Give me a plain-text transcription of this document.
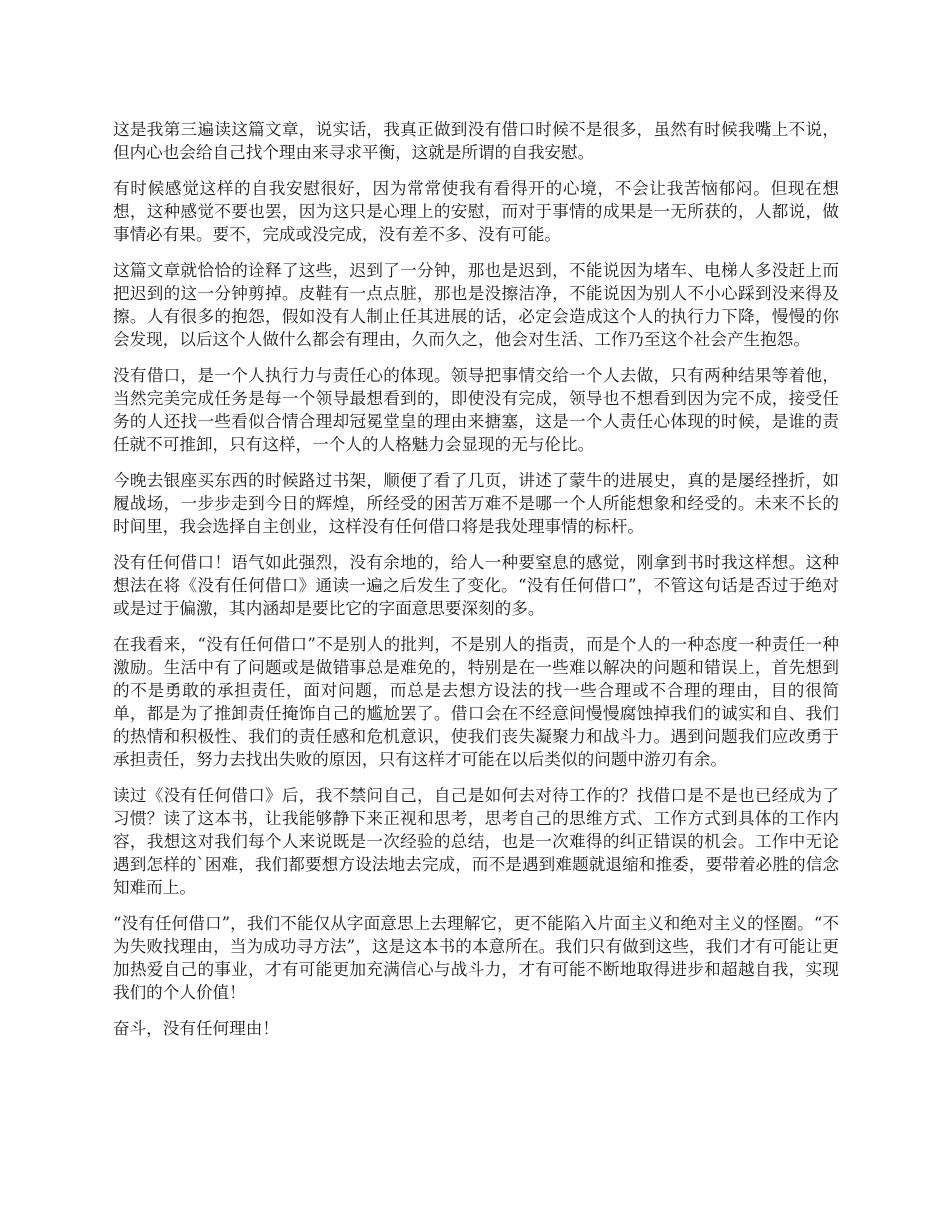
这是我第三遍读这篇文章，说实话，我真正做到没有借口时候不是很多，虽然有时候我嘴上不说，但内心也会给自己找个理由来寻求平衡，这就是所谓的自我安慰。

有时候感觉这样的自我安慰很好，因为常常使我有看得开的心境，不会让我苦恼郁闷。但现在想想，这种感觉不要也罢，因为这只是心理上的安慰，而对于事情的成果是一无所获的，人都说，做事情必有果。要不，完成或没完成，没有差不多、没有可能。

这篇文章就恰恰的诠释了这些，迟到了一分钟，那也是迟到，不能说因为堵车、电梯人多没赶上而把迟到的这一分钟剪掉。皮鞋有一点点脏，那也是没擦洁净，不能说因为别人不小心踩到没来得及擦。人有很多的抱怨，假如没有人制止任其进展的话，必定会造成这个人的执行力下降，慢慢的你会发现，以后这个人做什么都会有理由，久而久之，他会对生活、工作乃至这个社会产生抱怨。

没有借口，是一个人执行力与责任心的体现。领导把事情交给一个人去做，只有两种结果等着他，当然完美完成任务是每一个领导最想看到的，即使没有完成，领导也不想看到因为完不成，接受任务的人还找一些看似合情合理却冠冕堂皇的理由来搪塞，这是一个人责任心体现的时候，是谁的责任就不可推卸，只有这样，一个人的人格魅力会显现的无与伦比。

今晚去银座买东西的时候路过书架，顺便了看了几页，讲述了蒙牛的进展史，真的是屡经挫折，如履战场，一步步走到今日的辉煌，所经受的困苦万难不是哪一个人所能想象和经受的。未来不长的时间里，我会选择自主创业，这样没有任何借口将是我处理事情的标杆。

没有任何借口！语气如此强烈，没有余地的，给人一种要窒息的感觉，刚拿到书时我这样想。这种想法在将《没有任何借口》通读一遍之后发生了变化。“没有任何借口”，不管这句话是否过于绝对或是过于偏激，其内涵却是要比它的字面意思要深刻的多。

在我看来，“没有任何借口”不是别人的批判，不是别人的指责，而是个人的一种态度一种责任一种激励。生活中有了问题或是做错事总是难免的，特别是在一些难以解决的问题和错误上，首先想到的不是勇敢的承担责任，面对问题，而总是去想方设法的找一些合理或不合理的理由，目的很简单，都是为了推卸责任掩饰自己的尴尬罢了。借口会在不经意间慢慢腐蚀掉我们的诚实和自、我们的热情和积极性、我们的责任感和危机意识，使我们丧失凝聚力和战斗力。遇到问题我们应改勇于承担责任，努力去找出失败的原因，只有这样才可能在以后类似的问题中游刃有余。

读过《没有任何借口》后，我不禁问自己，自己是如何去对待工作的？找借口是不是也已经成为了习惯？读了这本书，让我能够静下来正视和思考，思考自己的思维方式、工作方式到具体的工作内容，我想这对我们每个人来说既是一次经验的总结，也是一次难得的纠正错误的机会。工作中无论遇到怎样的`困难，我们都要想方设法地去完成，而不是遇到难题就退缩和推委，要带着必胜的信念知难而上。

“没有任何借口”，我们不能仅从字面意思上去理解它，更不能陷入片面主义和绝对主义的怪圈。“不为失败找理由，当为成功寻方法”，这是这本书的本意所在。我们只有做到这些，我们才有可能让更加热爱自己的事业，才有可能更加充满信心与战斗力，才有可能不断地取得进步和超越自我，实现我们的个人价值！

奋斗，没有任何理由！
